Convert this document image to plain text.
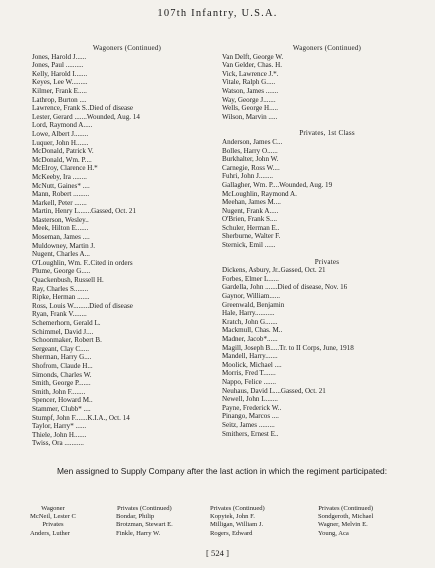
107th Infantry, U.S.A.
Wagoners (Continued)
Jones, Harold J......
Jones, Paul ..........
Kelly, Harold I.......
Keyes, Lee W.........
Kilmer, Frank E.....
Lathrop, Burton ....
Lawrence, Frank S..Died of disease
Lester, Gerard .......Wounded, Aug. 14
Lord, Raymond A.....
Lowe, Albert J........
Luquer, John H.......
McDonald, Patrick V.
McDonald, Wm. P....
McElroy, Clarence H.*
McKeeby, Ira ........
McNutt, Gaines* ....
Mann, Robert .........
Markell, Peter .......
Martin, Henry L.......Gassed, Oct. 21
Masterson, Wesley..
Meek, Hilton E.......
Moseman, James ....
Muldowney, Martin J.
Nugent, Charles A...
O'Loughlin, Wm. F..Cited in orders
Plume, George G.....
Quackenbush, Russell H.
Ray, Charles S........
Ripke, Herman .......
Ross, Louis W.........Died of disease
Ryan, Frank V........
Schemerhorn, Gerald L.
Schimmel, David J....
Schoonmaker, Robert B.
Sergeant, Clay C.....
Sherman, Harry G....
Shofrom, Claude H...
Simonds, Charles W.
Smith, George P.......
Smith, John F........
Spencer, Howard M..
Stammer, Clubb* ....
Stumpf, John F.......K.I.A., Oct. 14
Taylor, Harry* ......
Thiele, John H.......
Twiss, Ora ...........
Wagoners (Continued)
Van Delft, George W.
Van Gelder, Chas. H.
Vick, Lawrence J.*.
Vitale, Ralph G.....
Watson, James .......
Way, George J.......
Wells, George H.....
Wilson, Marvin .....
Privates, 1st Class
Anderson, James C...
Bolles, Harry O......
Burkhalter, John W.
Carnegie, Ross W....
Fuhri, John J........
Gallagher, Wm. P....Wounded, Aug. 19
McLoughlin, Raymond A.
Meehan, James M....
Nugent, Frank A.....
O'Brien, Frank S....
Schuler, Herman E..
Sherburne, Walter F.
Sternick, Emil ......
Privates
Dickens, Asbury, Jr..Gassed, Oct. 21
Forbes, Elmer L......
Gardella, John .......Died of disease, Nov. 16
Gaynor, William......
Greenwald, Benjamin
Hale, Harry...........
Kratch, John G.......
Mackmull, Chas. M..
Madner, Jacob*......
Magill, Joseph B.....Tr. to II Corps, June, 1918
Mandell, Harry.......
Moolick, Michael ....
Morris, Fred T.......
Nappo, Felice .......
Neuhaus, David L....Gassed, Oct. 21
Newell, John L.......
Payne, Frederick W..
Pinango, Marcos ....
Seitz, James .........
Smithers, Ernest E..
Men assigned to Supply Company after the last action in which the regiment participated:
Wagoner
McNeil, Lester C
Privates
Anders, Luther
Privates (Continued)
Bondar, Philip
Brotzman, Stewart E.
Finkle, Harry W.
Privates (Continued)
Kopytek, John F.
Milligan, William J.
Rogers, Edward
Privates (Continued)
Sondgeroth, Michael
Wagner, Melvin E.
Young, Aca
[ 524 ]
